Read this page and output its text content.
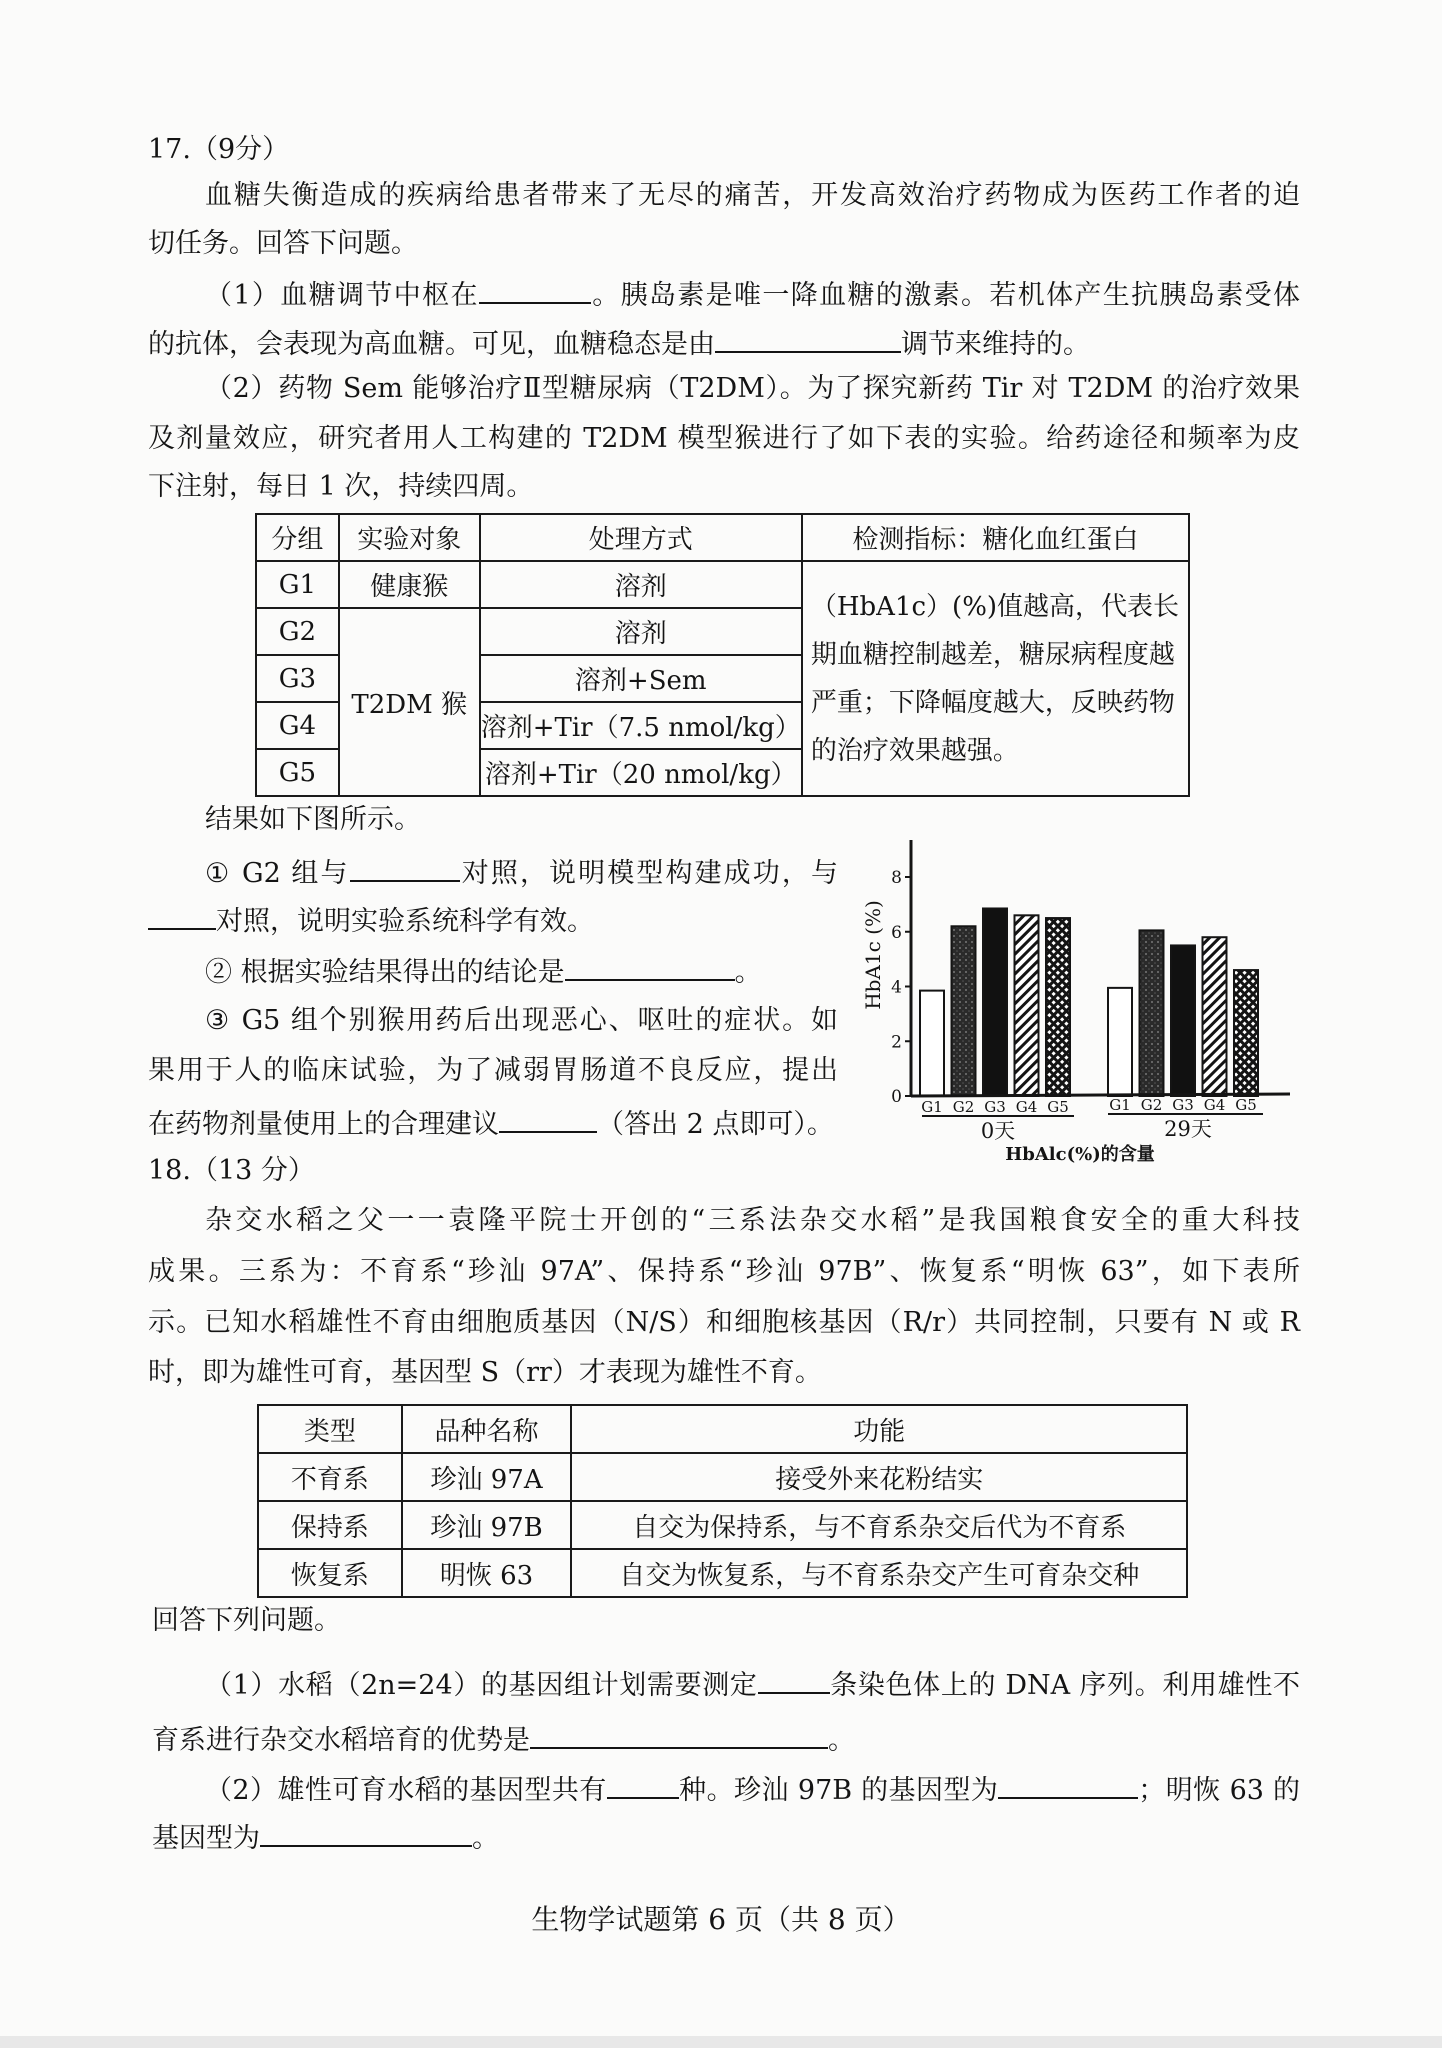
17.（9分）
血糖失衡造成的疾病给患者带来了无尽的痛苦，开发高效治疗药物成为医药工作者的迫
切任务。回答下问题。
（1）血糖调节中枢在	。胰岛素是唯一降血糖的激素。若机体产生抗胰岛素受体
的抗体，会表现为高血糖。可见，血糖稳态是由	调节来维持的。
（2）药物 Sem 能够治疗Ⅱ型糖尿病（T2DM）。为了探究新药 Tir 对 T2DM 的治疗效果
及剂量效应，研究者用人工构建的 T2DM 模型猴进行了如下表的实验。给药途径和频率为皮
下注射，每日 1 次，持续四周。
分组	实验对象	处理方式	检测指标：糖化血红蛋白
G1	健康猴	溶剂	（HbA1c）(%)值越高，代表长期血糖控制越差，糖尿病程度越严重；下降幅度越大，反映药物的治疗效果越强。
G2	T2DM 猴	溶剂	
G3		溶剂+Sem	
G4		溶剂+Tir（7.5 nmol/kg）	
G5		溶剂+Tir（20 nmol/kg）	
结果如下图所示。
① G2 组与	对照，说明模型构建成功，与
对照，说明实验系统科学有效。
② 根据实验结果得出的结论是	。
③ G5 组个别猴用药后出现恶心、呕吐的症状。如
果用于人的临床试验，为了减弱胃肠道不良反应，提出
在药物剂量使用上的合理建议	（答出 2 点即可）。
0
2
4
6
8
HbA1c (%)
G1 G2 G3 G4 G5	G1 G2 G3 G4 G5
0天	29天
HbAlc(%)的含量
18.（13 分）
杂交水稻之父一一袁隆平院士开创的“三系法杂交水稻”是我国粮食安全的重大科技
成果。三系为：不育系“珍汕 97A”、保持系“珍汕 97B”、恢复系“明恢 63”，如下表所
示。已知水稻雄性不育由细胞质基因（N/S）和细胞核基因（R/r）共同控制，只要有 N 或 R
时，即为雄性可育，基因型 S（rr）才表现为雄性不育。
类型	品种名称	功能
不育系	珍汕 97A	接受外来花粉结实
保持系	珍汕 97B	自交为保持系，与不育系杂交后代为不育系
恢复系	明恢 63	自交为恢复系，与不育系杂交产生可育杂交种
回答下列问题。
（1）水稻（2n=24）的基因组计划需要测定	条染色体上的 DNA 序列。利用雄性不
育系进行杂交水稻培育的优势是	。
（2）雄性可育水稻的基因型共有	种。珍汕 97B 的基因型为	；明恢 63 的
基因型为	。
生物学试题第 6 页（共 8 页）
